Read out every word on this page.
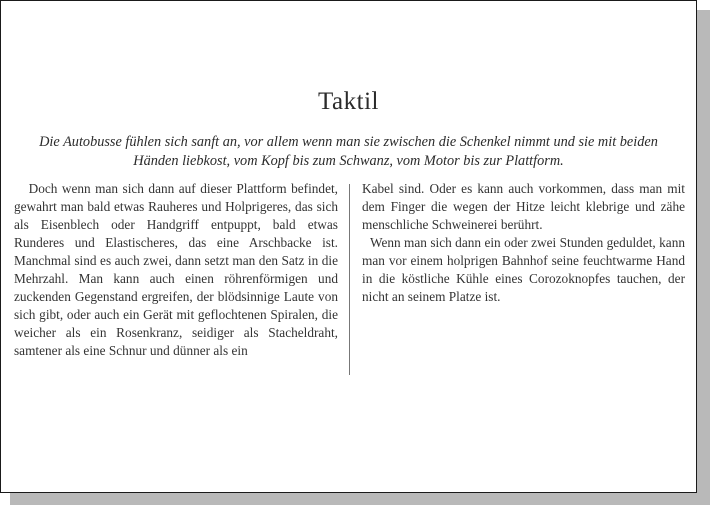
Taktil

Die Autobusse fühlen sich sanft an, vor allem wenn man sie zwischen die Schenkel nimmt und sie mit beiden Händen liebkost, vom Kopf bis zum Schwanz, vom Motor bis zur Plattform.

Doch wenn man sich dann auf dieser Plattform befindet, gewahrt man bald etwas Rauheres und Holprigeres, das sich als Eisenblech oder Handgriff entpuppt, bald etwas Runderes und Elastischeres, das eine Arschbacke ist. Manchmal sind es auch zwei, dann setzt man den Satz in die Mehrzahl. Man kann auch einen röhrenförmigen und zuckenden Gegenstand ergreifen, der blödsinnige Laute von sich gibt, oder auch ein Gerät mit geflochtenen Spiralen, die weicher als ein Rosenkranz, seidiger als Stacheldraht, samtener als eine Schnur und dünner als ein

Kabel sind. Oder es kann auch vorkommen, dass man mit dem Finger die wegen der Hitze leicht klebrige und zähe menschliche Schweinerei berührt.

Wenn man sich dann ein oder zwei Stunden geduldet, kann man vor einem holprigen Bahnhof seine feuchtwarme Hand in die köstliche Kühle eines Corozoknopfes tauchen, der nicht an seinem Platze ist.
